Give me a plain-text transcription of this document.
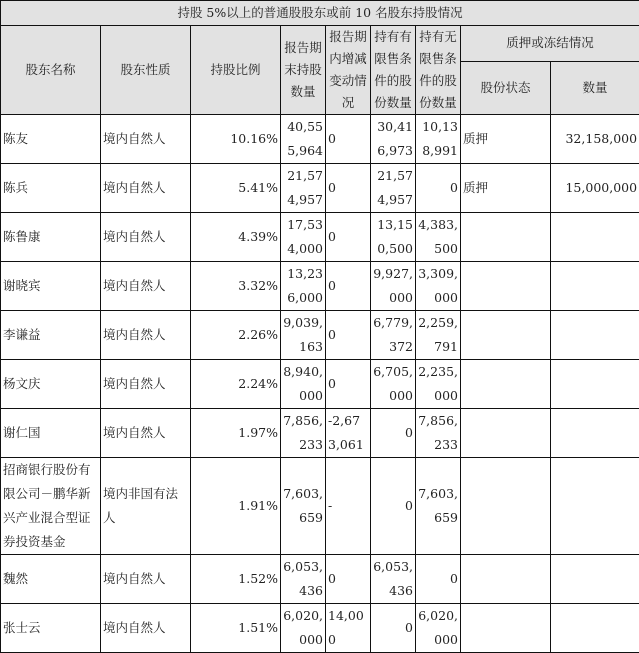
持股 5%以上的普通股股东或前 10 名股东持股情况								
股东名称	股东性质	持股比例	报告期末持股数量	报告期内增减变动情况	持有有限售条件的股份数量	持有无限售条件的股份数量	质押或冻结情况	
							股份状态	数量
陈友	境内自然人	10.16%	40,555,964	0	30,416,973	10,138,991	质押	32,158,000
陈兵	境内自然人	5.41%	21,574,957	0	21,574,957	0	质押	15,000,000
陈鲁康	境内自然人	4.39%	17,534,000	0	13,150,500	4,383,500		
谢晓宾	境内自然人	3.32%	13,236,000	0	9,927,000	3,309,000		
李谦益	境内自然人	2.26%	9,039,163	0	6,779,372	2,259,791		
杨文庆	境内自然人	2.24%	8,940,000	0	6,705,000	2,235,000		
谢仁国	境内自然人	1.97%	7,856,233	-2,673,061	0	7,856,233		
招商银行股份有限公司－鹏华新兴产业混合型证券投资基金	境内非国有法人	1.91%	7,603,659	-	0	7,603,659		
魏然	境内自然人	1.52%	6,053,436	0	6,053,436	0		
张士云	境内自然人	1.51%	6,020,000	14,000	0	6,020,000		
